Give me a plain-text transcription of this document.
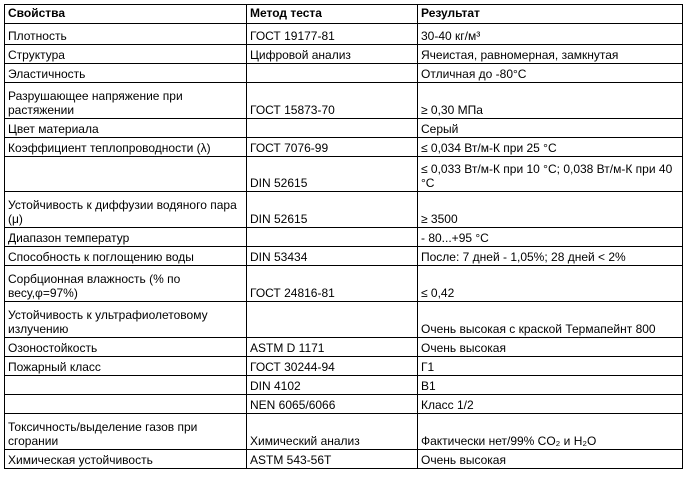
Свойства	Метод теста	Результат
Плотность	ГОСТ 19177-81	30-40 кг/м³
Структура	Цифровой анализ	Ячеистая, равномерная, замкнутая
Эластичность		Отличная до -80°С
Разрушающее напряжение при растяжении	ГОСТ 15873-70	≥ 0,30 МПа
Цвет материала		Серый
Коэффициент теплопроводности (λ)	ГОСТ 7076-99	≤ 0,034 Вт/м-К при 25 °С
	DIN 52615	≤ 0,033 Вт/м-К при 10 °С; 0,038 Вт/м-К при 40 °С
Устойчивость к диффузии водяного пара (μ)	DIN 52615	≥ 3500
Диапазон температур		- 80...+95 °С
Способность к поглощению воды	DIN 53434	После: 7 дней - 1,05%; 28 дней < 2%
Сорбционная влажность (% по весу,φ=97%)	ГОСТ 24816-81	≤ 0,42
Устойчивость к ультрафиолетовому излучению		Очень высокая с краской Термапейнт 800
Озоностойкость	ASTM D 1171	Очень высокая
Пожарный класс	ГОСТ 30244-94	Г1
	DIN 4102	В1
	NEN 6065/6066	Класс 1/2
Токсичность/выделение газов при сгорании	Химический анализ	Фактически нет/99% CO₂ и H₂O
Химическая устойчивость	ASTM 543-56T	Очень высокая
